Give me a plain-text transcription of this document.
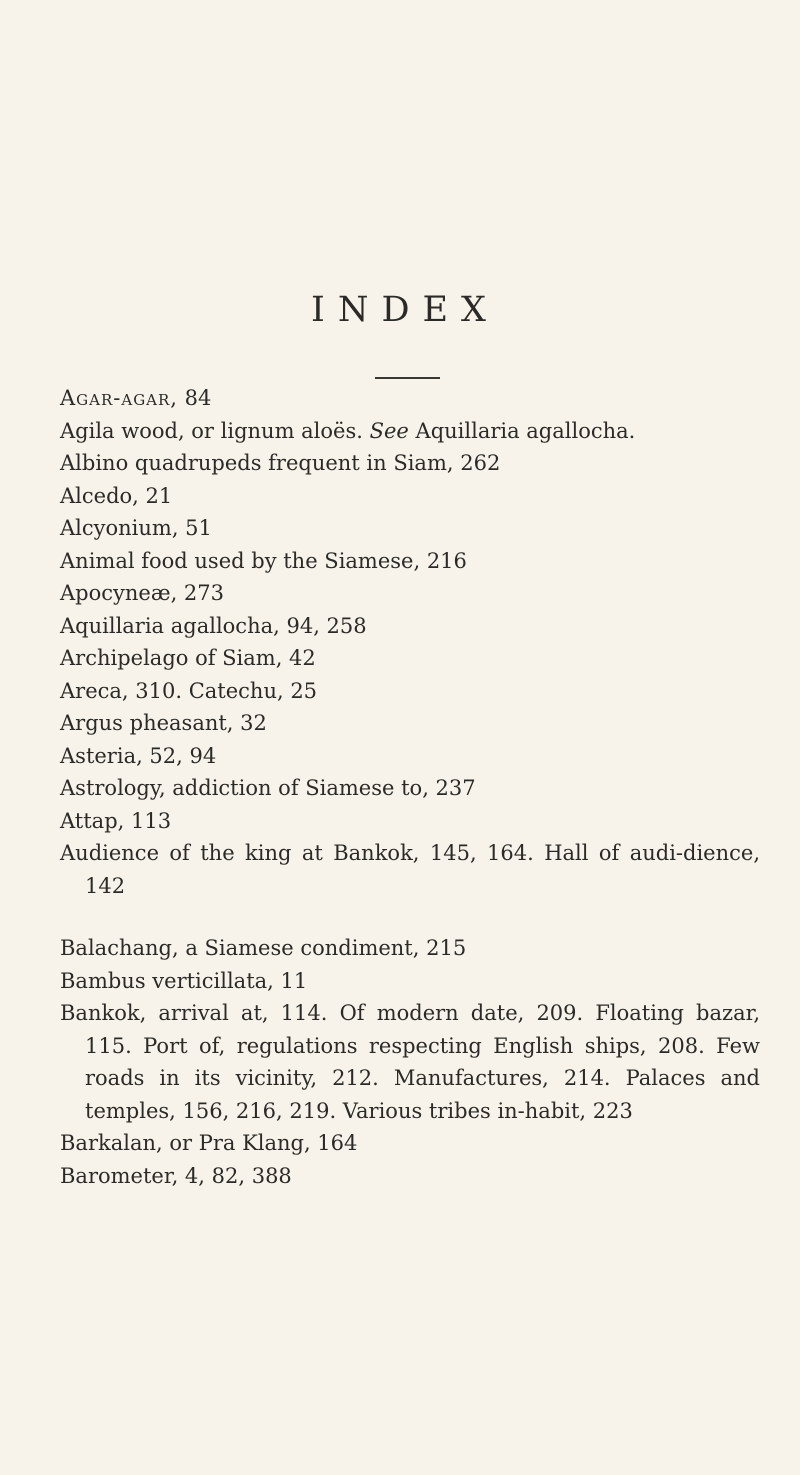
INDEX
Agar-agar, 84
Agila wood, or lignum aloës. See Aquillaria agallocha.
Albino quadrupeds frequent in Siam, 262
Alcedo, 21
Alcyonium, 51
Animal food used by the Siamese, 216
Apocyneæ, 273
Aquillaria agallocha, 94, 258
Archipelago of Siam, 42
Areca, 310. Catechu, 25
Argus pheasant, 32
Asteria, 52, 94
Astrology, addiction of Siamese to, 237
Attap, 113
Audience of the king at Bankok, 145, 164. Hall of audi-dience, 142
Balachang, a Siamese condiment, 215
Bambus verticillata, 11
Bankok, arrival at, 114. Of modern date, 209. Floating bazar, 115. Port of, regulations respecting English ships, 208. Few roads in its vicinity, 212. Manufactures, 214. Palaces and temples, 156, 216, 219. Various tribes in-habit, 223
Barkalan, or Pra Klang, 164
Barometer, 4, 82, 388
